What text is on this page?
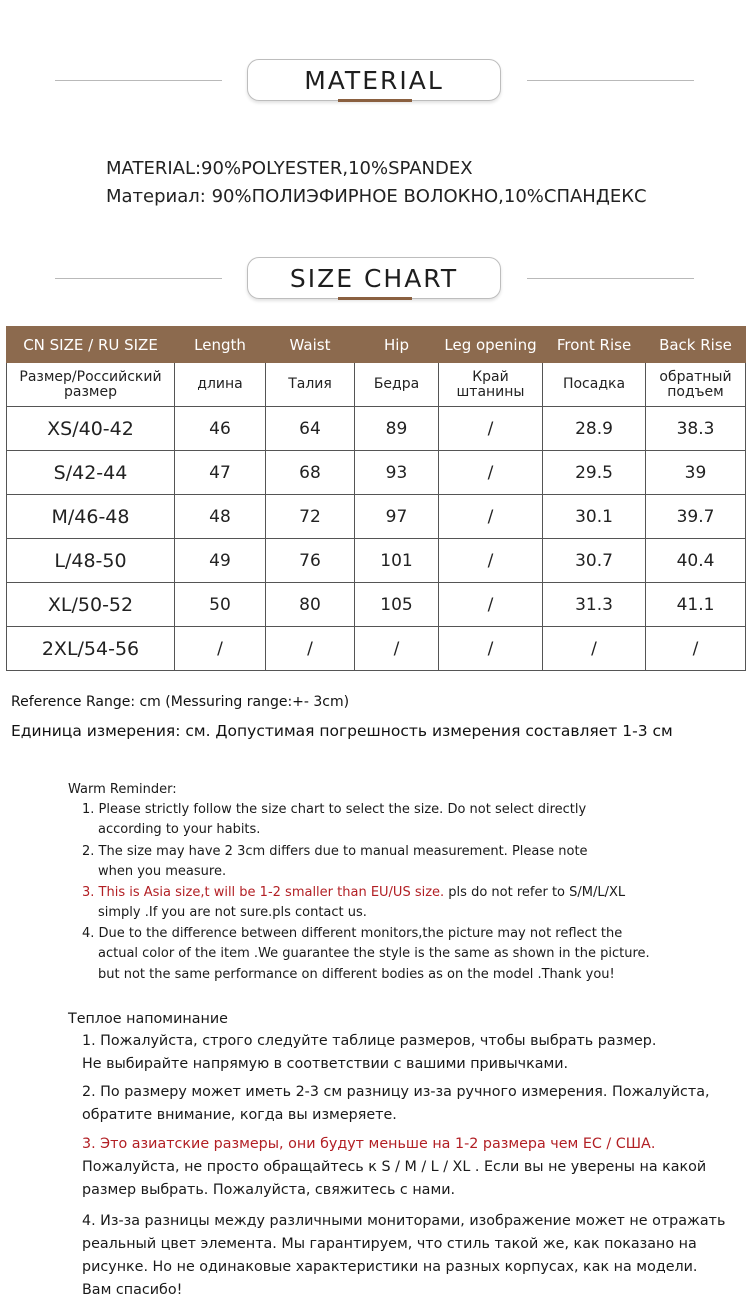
MATERIAL
MATERIAL:90%POLYESTER,10%SPANDEX
Материал: 90%ПОЛИЭФИРНОЕ ВОЛОКНО,10%СПАНДЕКС
SIZE CHART
CN SIZE / RU SIZE	Length	Waist	Hip	Leg opening	Front Rise	Back Rise
Размер/Российский размер	длина	Талия	Бедра	Край штанины	Посадка	обратный подъем
XS/40-42	46	64	89	/	28.9	38.3
S/42-44	47	68	93	/	29.5	39
M/46-48	48	72	97	/	30.1	39.7
L/48-50	49	76	101	/	30.7	40.4
XL/50-52	50	80	105	/	31.3	41.1
2XL/54-56	/	/	/	/	/	/
Reference Range: cm (Messuring range:+- 3cm)
Единица измерения: см. Допустимая погрешность измерения составляет 1-3 см
Warm Reminder:
1. Please strictly follow the size chart to select the size. Do not select directly
according to your habits.
2. The size may have 2 3cm differs due to manual measurement. Please note
when you measure.
3. This is Asia size,t will be 1-2 smaller than EU/US size. pls do not refer to S/M/L/XL
simply .If you are not sure.pls contact us.
4. Due to the difference between different monitors,the picture may not reflect the
actual color of the item .We guarantee the style is the same as shown in the picture.
but not the same performance on different bodies as on the model .Thank you!
Теплое напоминание
1. Пожалуйста, строго следуйте таблице размеров, чтобы выбрать размер.
Не выбирайте напрямую в соответствии с вашими привычками.
2. По размеру может иметь 2-3 см разницу из-за ручного измерения. Пожалуйста,
обратите внимание, когда вы измеряете.
3. Это азиатские размеры, они будут меньше на 1-2 размера чем ЕС / США.
Пожалуйста, не просто обращайтесь к S / M / L / XL . Если вы не уверены на какой
размер выбрать. Пожалуйста, свяжитесь с нами.
4. Из-за разницы между различными мониторами, изображение может не отражать
реальный цвет элемента. Мы гарантируем, что стиль такой же, как показано на
рисунке. Но не одинаковые характеристики на разных корпусах, как на модели.
Вам спасибо!
